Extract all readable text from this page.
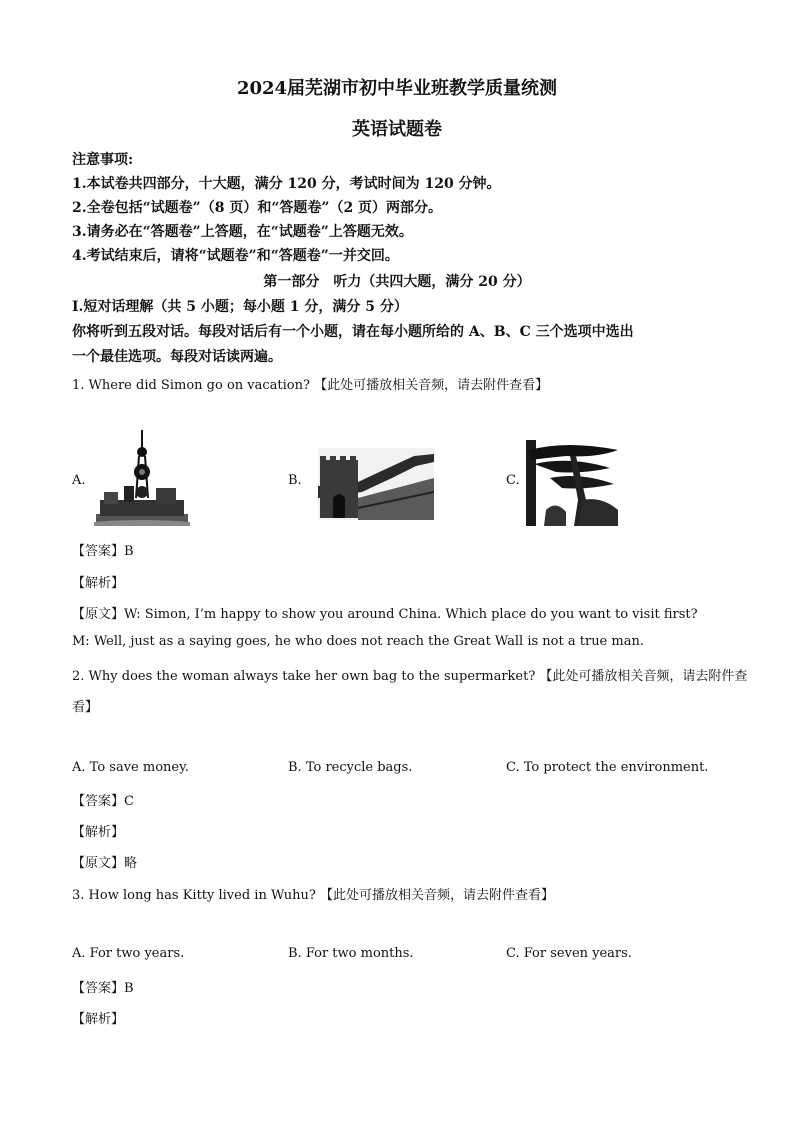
2024届芜湖市初中毕业班教学质量统测
英语试题卷
注意事项:
1.本试卷共四部分，十大题，满分 120 分，考试时间为 120 分钟。
2.全卷包括“试题卷”（8 页）和“答题卷”（2 页）两部分。
3.请务必在“答题卷”上答题，在“试题卷”上答题无效。
4.考试结束后，请将“试题卷”和“答题卷”一并交回。
第一部分　听力（共四大题，满分 20 分）
Ⅰ.短对话理解（共 5 小题；每小题 1 分，满分 5 分）
你将听到五段对话。每段对话后有一个小题，请在每小题所给的 A、B、C 三个选项中选出
一个最佳选项。每段对话读两遍。
1. Where did Simon go on vacation? 【此处可播放相关音频，请去附件查看】
A.	B.	C.
【答案】B
【解析】
【原文】W: Simon, I’m happy to show you around China. Which place do you want to visit first?
M: Well, just as a saying goes, he who does not reach the Great Wall is not a true man.
2. Why does the woman always take her own bag to the supermarket? 【此处可播放相关音频，请去附件查
看】
A. To save money.	B. To recycle bags.	C. To protect the environment.
【答案】C
【解析】
【原文】略
3. How long has Kitty lived in Wuhu? 【此处可播放相关音频，请去附件查看】
A. For two years.	B. For two months.	C. For seven years.
【答案】B
【解析】
